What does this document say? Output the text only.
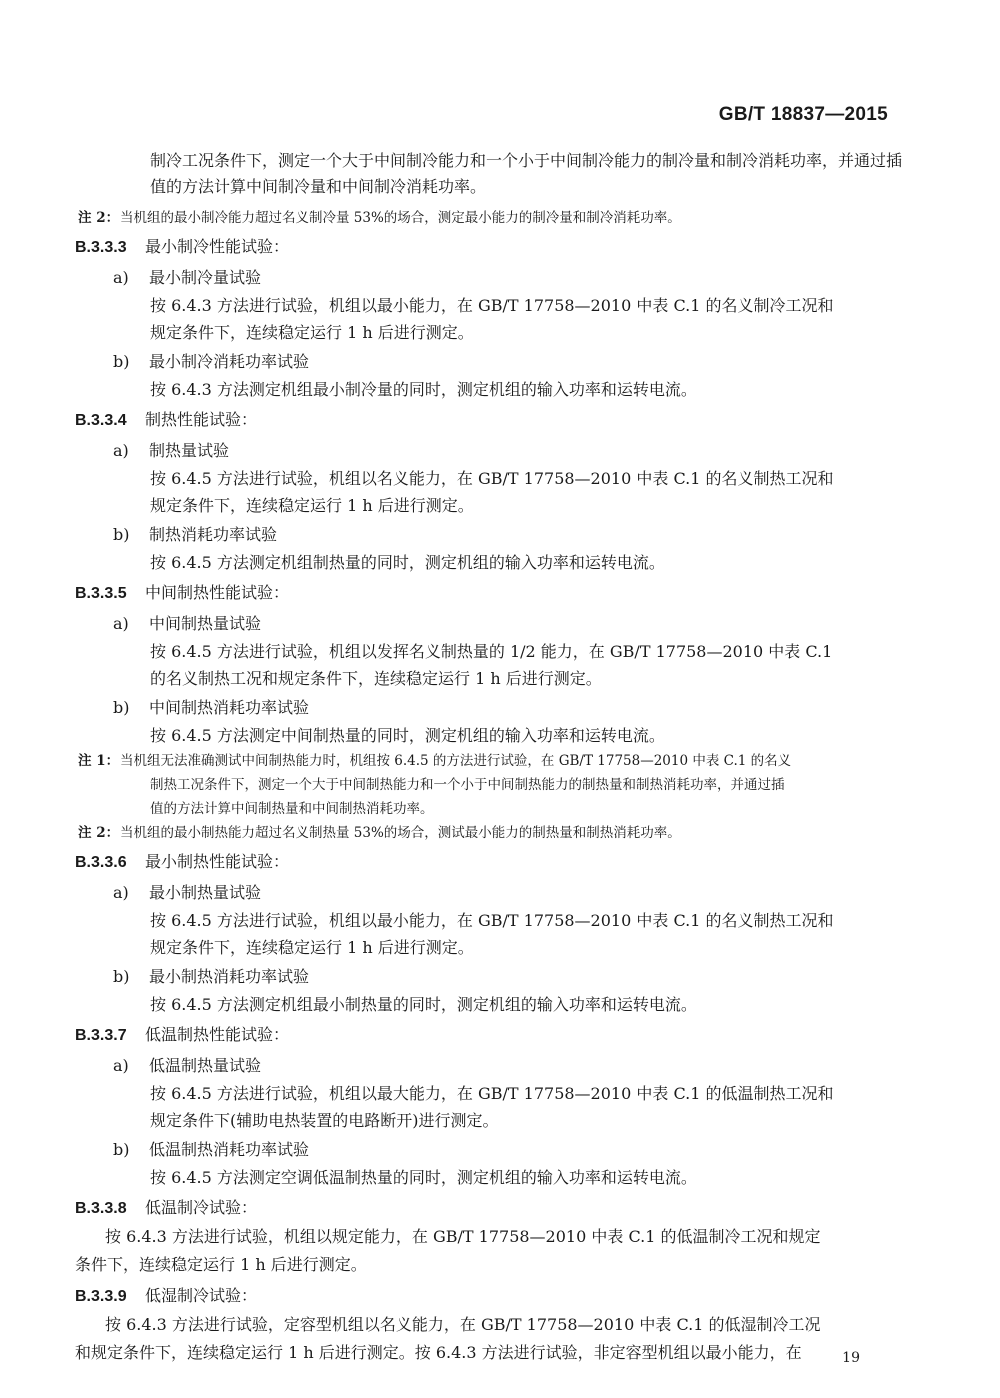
GB/T 18837—2015

制冷工况条件下，测定一个大于中间制冷能力和一个小于中间制冷能力的制冷量和制冷消耗功率，并通过插

值的方法计算中间制冷量和中间制冷消耗功率。

注 2：当机组的最小制冷能力超过名义制冷量 53%的场合，测定最小能力的制冷量和制冷消耗功率。

B.3.3.3 最小制冷性能试验：

a) 最小制冷量试验

按 6.4.3 方法进行试验，机组以最小能力，在 GB/T 17758—2010 中表 C.1 的名义制冷工况和

规定条件下，连续稳定运行 1 h 后进行测定。

b) 最小制冷消耗功率试验

按 6.4.3 方法测定机组最小制冷量的同时，测定机组的输入功率和运转电流。

B.3.3.4 制热性能试验：

a) 制热量试验

按 6.4.5 方法进行试验，机组以名义能力，在 GB/T 17758—2010 中表 C.1 的名义制热工况和

规定条件下，连续稳定运行 1 h 后进行测定。

b) 制热消耗功率试验

按 6.4.5 方法测定机组制热量的同时，测定机组的输入功率和运转电流。

B.3.3.5 中间制热性能试验：

a) 中间制热量试验

按 6.4.5 方法进行试验，机组以发挥名义制热量的 1/2 能力，在 GB/T 17758—2010 中表 C.1

的名义制热工况和规定条件下，连续稳定运行 1 h 后进行测定。

b) 中间制热消耗功率试验

按 6.4.5 方法测定中间制热量的同时，测定机组的输入功率和运转电流。

注 1：当机组无法准确测试中间制热能力时，机组按 6.4.5 的方法进行试验，在 GB/T 17758—2010 中表 C.1 的名义

制热工况条件下，测定一个大于中间制热能力和一个小于中间制热能力的制热量和制热消耗功率，并通过插

值的方法计算中间制热量和中间制热消耗功率。

注 2：当机组的最小制热能力超过名义制热量 53%的场合，测试最小能力的制热量和制热消耗功率。

B.3.3.6 最小制热性能试验：

a) 最小制热量试验

按 6.4.5 方法进行试验，机组以最小能力，在 GB/T 17758—2010 中表 C.1 的名义制热工况和

规定条件下，连续稳定运行 1 h 后进行测定。

b) 最小制热消耗功率试验

按 6.4.5 方法测定机组最小制热量的同时，测定机组的输入功率和运转电流。

B.3.3.7 低温制热性能试验：

a) 低温制热量试验

按 6.4.5 方法进行试验，机组以最大能力，在 GB/T 17758—2010 中表 C.1 的低温制热工况和

规定条件下(辅助电热装置的电路断开)进行测定。

b) 低温制热消耗功率试验

按 6.4.5 方法测定空调低温制热量的同时，测定机组的输入功率和运转电流。

B.3.3.8 低温制冷试验：

按 6.4.3 方法进行试验，机组以规定能力，在 GB/T 17758—2010 中表 C.1 的低温制冷工况和规定

条件下，连续稳定运行 1 h 后进行测定。

B.3.3.9 低湿制冷试验：

按 6.4.3 方法进行试验，定容型机组以名义能力，在 GB/T 17758—2010 中表 C.1 的低湿制冷工况

和规定条件下，连续稳定运行 1 h 后进行测定。按 6.4.3 方法进行试验，非定容型机组以最小能力，在	19
